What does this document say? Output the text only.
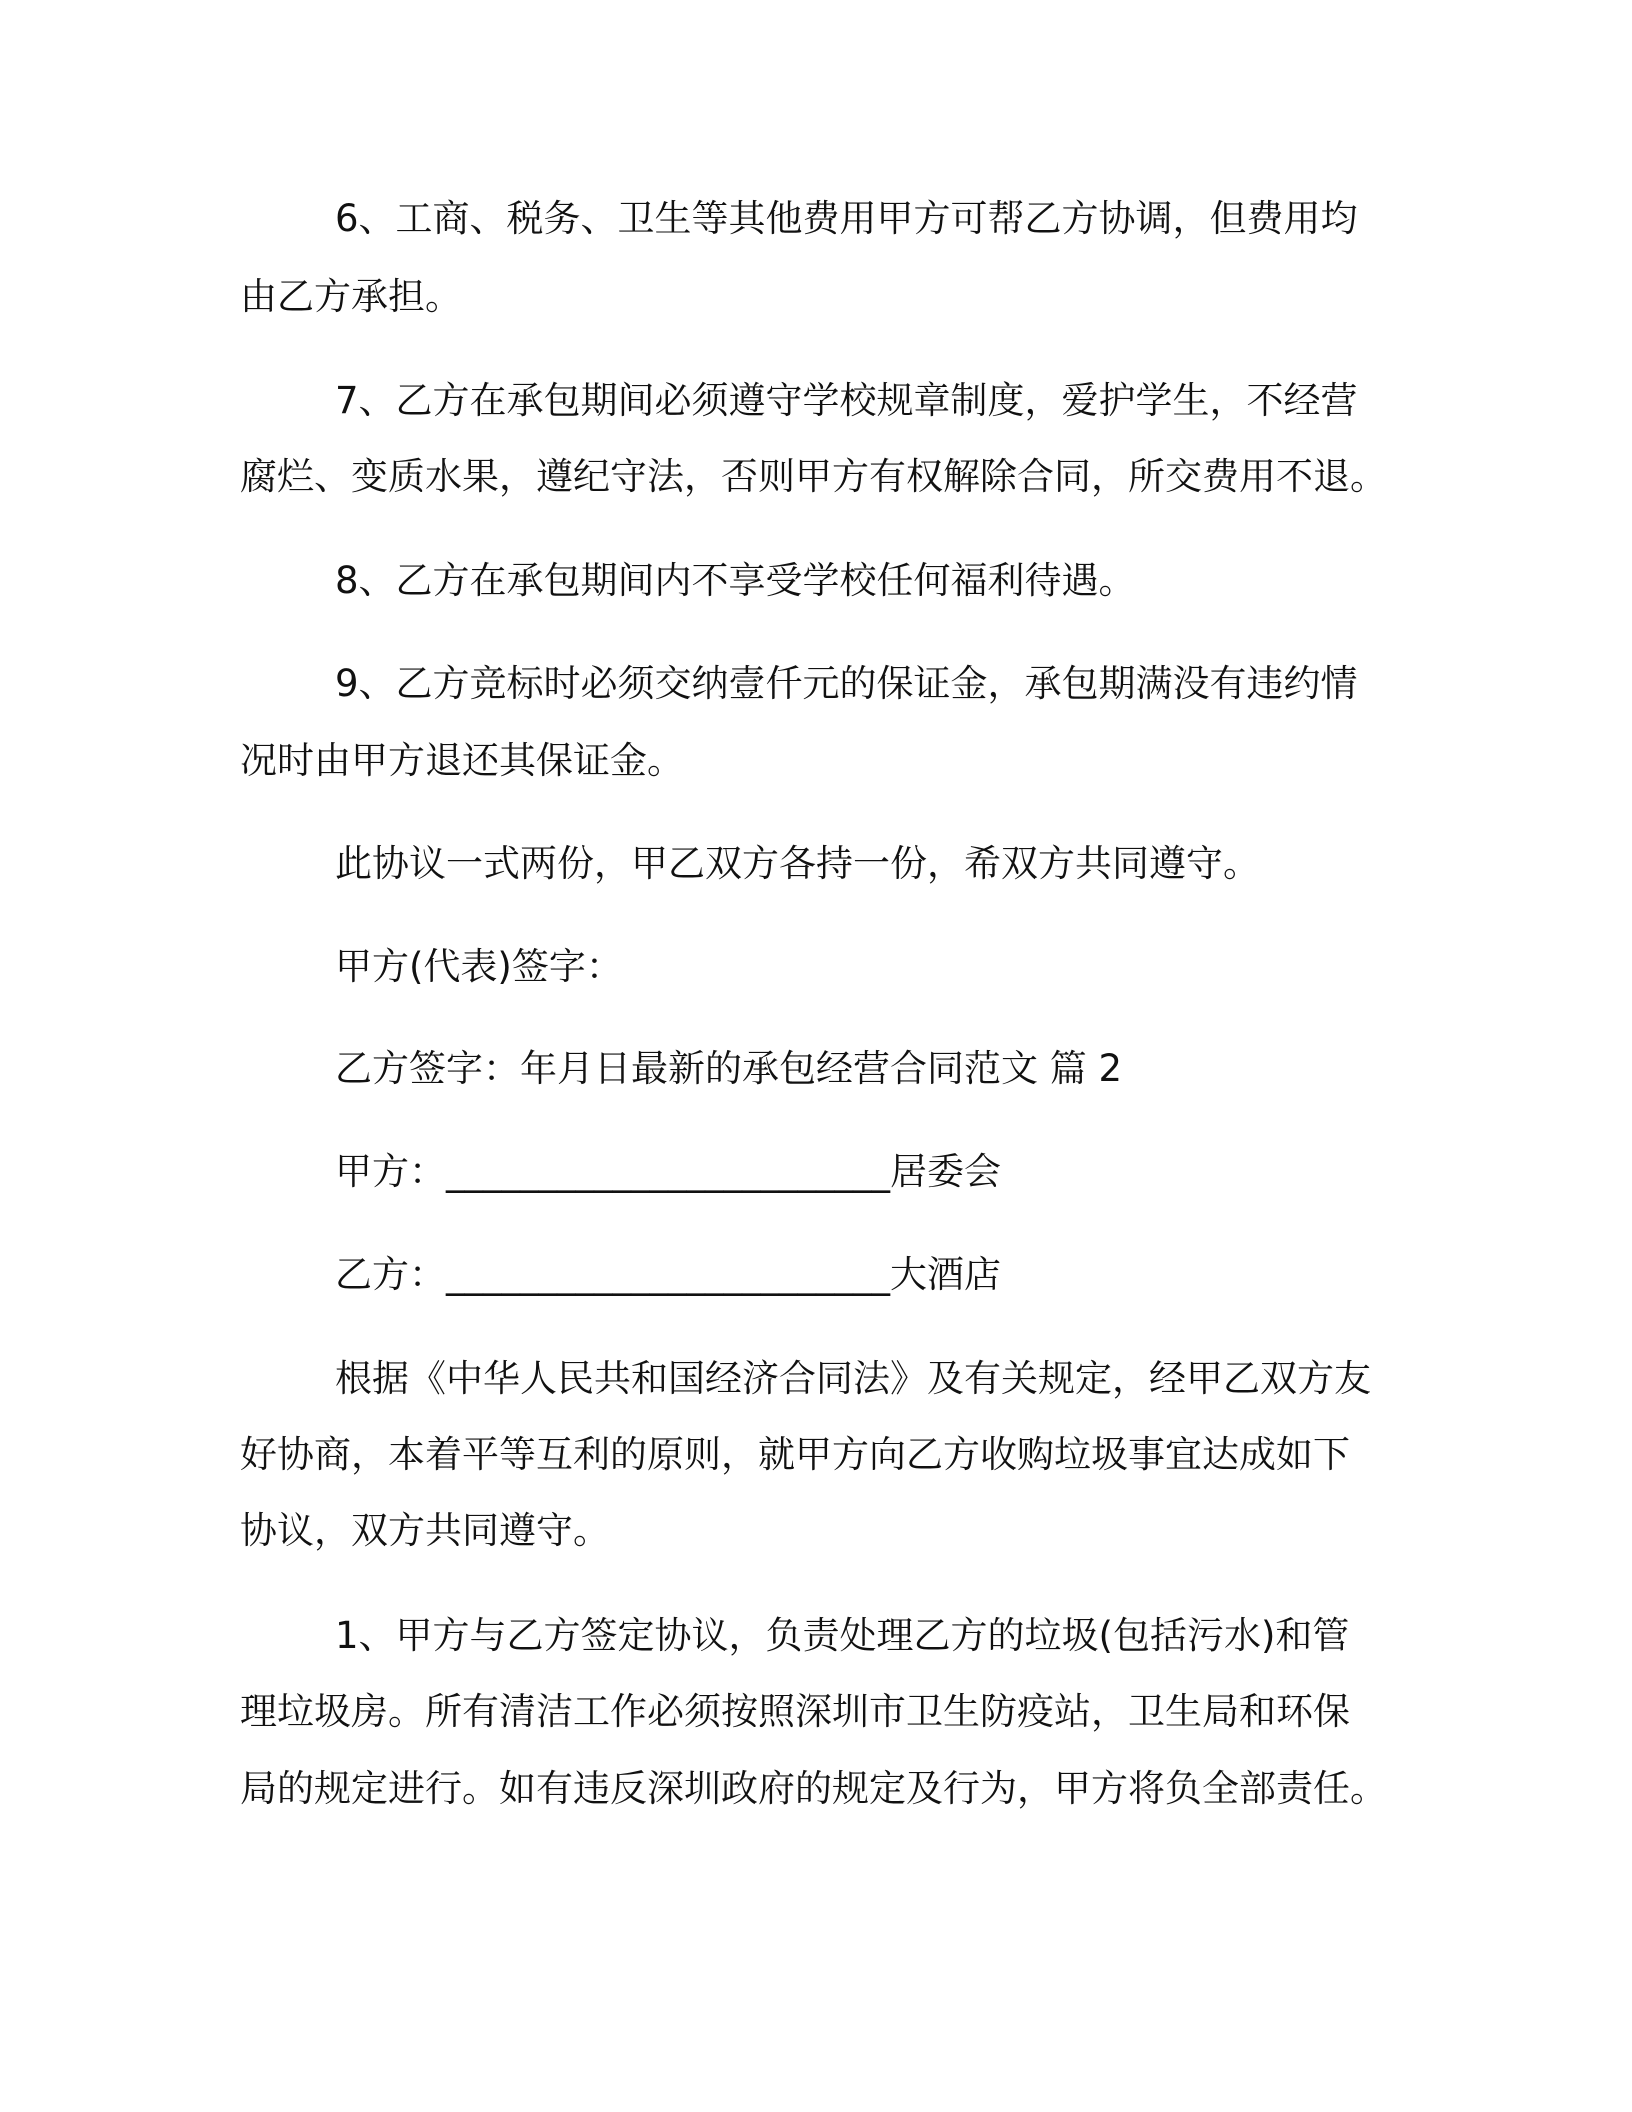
6、工商、税务、卫生等其他费用甲方可帮乙方协调，但费用均
由乙方承担。
7、乙方在承包期间必须遵守学校规章制度，爱护学生，不经营
腐烂、变质水果，遵纪守法，否则甲方有权解除合同，所交费用不退。
8、乙方在承包期间内不享受学校任何福利待遇。
9、乙方竞标时必须交纳壹仟元的保证金，承包期满没有违约情
况时由甲方退还其保证金。
此协议一式两份，甲乙双方各持一份，希双方共同遵守。
甲方(代表)签字：
乙方签字：年月日最新的承包经营合同范文 篇 2
甲方：________________________居委会
乙方：________________________大酒店
根据《中华人民共和国经济合同法》及有关规定，经甲乙双方友
好协商，本着平等互利的原则，就甲方向乙方收购垃圾事宜达成如下
协议，双方共同遵守。
1、甲方与乙方签定协议，负责处理乙方的垃圾(包括污水)和管
理垃圾房。所有清洁工作必须按照深圳市卫生防疫站，卫生局和环保
局的规定进行。如有违反深圳政府的规定及行为，甲方将负全部责任。
